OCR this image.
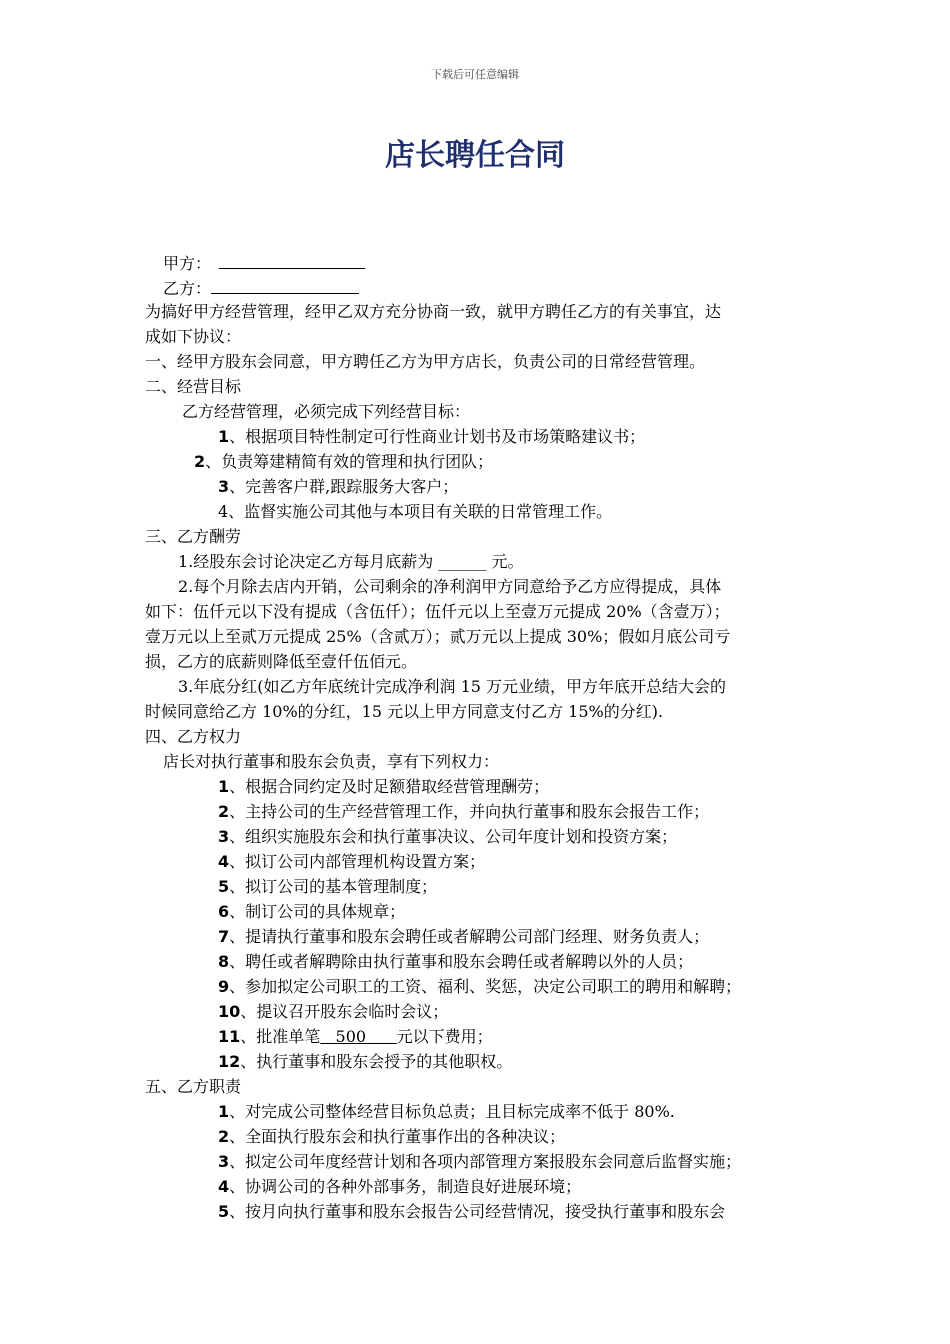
下载后可任意编辑
店长聘任合同
甲方：
乙方：
为搞好甲方经营管理，经甲乙双方充分协商一致，就甲方聘任乙方的有关事宜，达
成如下协议：
一、经甲方股东会同意，甲方聘任乙方为甲方店长，负责公司的日常经营管理。
二、经营目标
乙方经营管理，必须完成下列经营目标：
1、根据项目特性制定可行性商业计划书及市场策略建议书；
2、负责筹建精简有效的管理和执行团队；
3、完善客户群,跟踪服务大客户；
4、监督实施公司其他与本项目有关联的日常管理工作。
三、乙方酬劳
1.经股东会讨论决定乙方每月底薪为 ______ 元。
2.每个月除去店内开销，公司剩余的净利润甲方同意给予乙方应得提成，具体
如下：伍仟元以下没有提成（含伍仟）；伍仟元以上至壹万元提成 20%（含壹万）；
壹万元以上至贰万元提成 25%（含贰万）；贰万元以上提成 30%；假如月底公司亏
损，乙方的底薪则降低至壹仟伍佰元。
3.年底分红(如乙方年底统计完成净利润 15 万元业绩，甲方年底开总结大会的
时候同意给乙方 10%的分红，15 元以上甲方同意支付乙方 15%的分红).
四、乙方权力
店长对执行董事和股东会负责，享有下列权力：
1、根据合同约定及时足额猎取经营管理酬劳；
2、主持公司的生产经营管理工作，并向执行董事和股东会报告工作；
3、组织实施股东会和执行董事决议、公司年度计划和投资方案；
4、拟订公司内部管理机构设置方案；
5、拟订公司的基本管理制度；
6、制订公司的具体规章；
7、提请执行董事和股东会聘任或者解聘公司部门经理、财务负责人；
8、聘任或者解聘除由执行董事和股东会聘任或者解聘以外的人员；
9、参加拟定公司职工的工资、福利、奖惩，决定公司职工的聘用和解聘；
10、提议召开股东会临时会议；
11、批准单笔 500 元以下费用；
12、执行董事和股东会授予的其他职权。
五、乙方职责
1、对完成公司整体经营目标负总责；且目标完成率不低于 80%.
2、全面执行股东会和执行董事作出的各种决议；
3、拟定公司年度经营计划和各项内部管理方案报股东会同意后监督实施；
4、协调公司的各种外部事务，制造良好进展环境；
5、按月向执行董事和股东会报告公司经营情况，接受执行董事和股东会
